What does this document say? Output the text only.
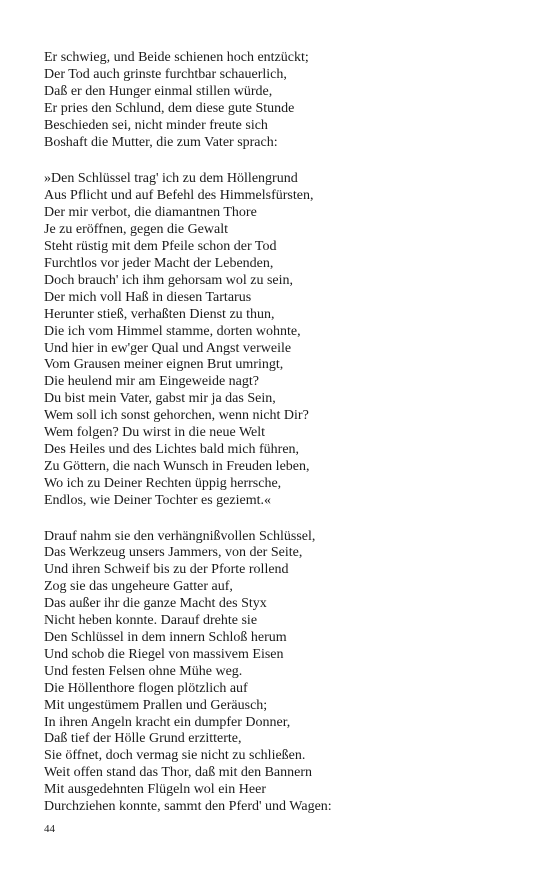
Er schwieg, und Beide schienen hoch entzückt;
Der Tod auch grinste furchtbar schauerlich,
Daß er den Hunger einmal stillen würde,
Er pries den Schlund, dem diese gute Stunde
Beschieden sei, nicht minder freute sich
Boshaft die Mutter, die zum Vater sprach:
»Den Schlüssel trag' ich zu dem Höllengrund
Aus Pflicht und auf Befehl des Himmelsfürsten,
Der mir verbot, die diamantnen Thore
Je zu eröffnen, gegen die Gewalt
Steht rüstig mit dem Pfeile schon der Tod
Furchtlos vor jeder Macht der Lebenden,
Doch brauch' ich ihm gehorsam wol zu sein,
Der mich voll Haß in diesen Tartarus
Herunter stieß, verhaßten Dienst zu thun,
Die ich vom Himmel stamme, dorten wohnte,
Und hier in ew'ger Qual und Angst verweile
Vom Grausen meiner eignen Brut umringt,
Die heulend mir am Eingeweide nagt?
Du bist mein Vater, gabst mir ja das Sein,
Wem soll ich sonst gehorchen, wenn nicht Dir?
Wem folgen? Du wirst in die neue Welt
Des Heiles und des Lichtes bald mich führen,
Zu Göttern, die nach Wunsch in Freuden leben,
Wo ich zu Deiner Rechten üppig herrsche,
Endlos, wie Deiner Tochter es geziemt.«
Drauf nahm sie den verhängnißvollen Schlüssel,
Das Werkzeug unsers Jammers, von der Seite,
Und ihren Schweif bis zu der Pforte rollend
Zog sie das ungeheure Gatter auf,
Das außer ihr die ganze Macht des Styx
Nicht heben konnte. Darauf drehte sie
Den Schlüssel in dem innern Schloß herum
Und schob die Riegel von massivem Eisen
Und festen Felsen ohne Mühe weg.
Die Höllenthore flogen plötzlich auf
Mit ungestümem Prallen und Geräusch;
In ihren Angeln kracht ein dumpfer Donner,
Daß tief der Hölle Grund erzitterte,
Sie öffnet, doch vermag sie nicht zu schließen.
Weit offen stand das Thor, daß mit den Bannern
Mit ausgedehnten Flügeln wol ein Heer
Durchziehen konnte, sammt den Pferd' und Wagen:
44
